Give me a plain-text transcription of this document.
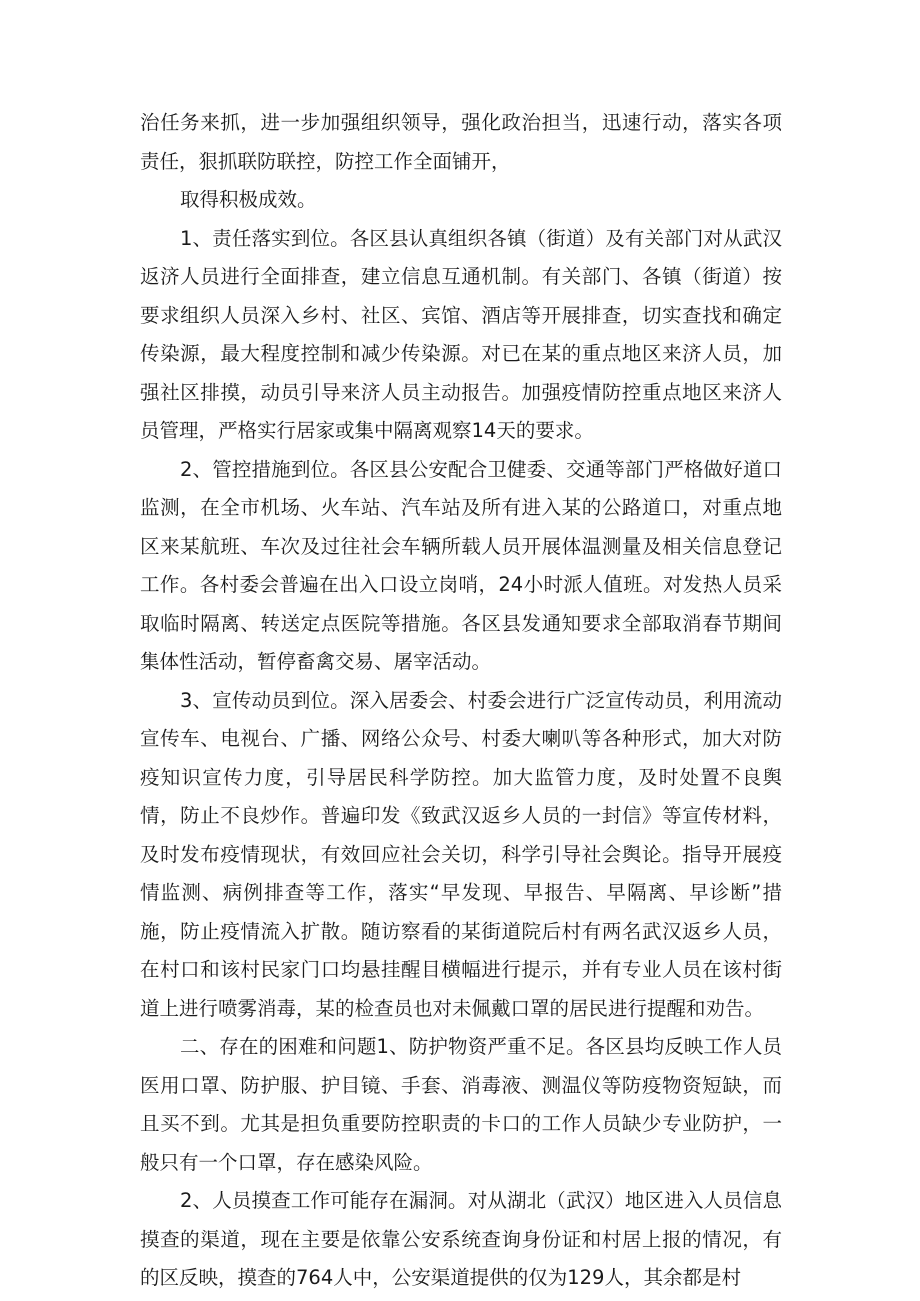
治任务来抓，进一步加强组织领导，强化政治担当，迅速行动，落实各项责任，狠抓联防联控，防控工作全面铺开，

取得积极成效。

1、责任落实到位。各区县认真组织各镇（街道）及有关部门对从武汉返济人员进行全面排查，建立信息互通机制。有关部门、各镇（街道）按要求组织人员深入乡村、社区、宾馆、酒店等开展排查，切实查找和确定传染源，最大程度控制和减少传染源。对已在某的重点地区来济人员，加强社区排摸，动员引导来济人员主动报告。加强疫情防控重点地区来济人员管理，严格实行居家或集中隔离观察14天的要求。

2、管控措施到位。各区县公安配合卫健委、交通等部门严格做好道口监测，在全市机场、火车站、汽车站及所有进入某的公路道口，对重点地区来某航班、车次及过往社会车辆所载人员开展体温测量及相关信息登记工作。各村委会普遍在出入口设立岗哨，24小时派人值班。对发热人员采取临时隔离、转送定点医院等措施。各区县发通知要求全部取消春节期间集体性活动，暂停畜禽交易、屠宰活动。

3、宣传动员到位。深入居委会、村委会进行广泛宣传动员，利用流动宣传车、电视台、广播、网络公众号、村委大喇叭等各种形式，加大对防疫知识宣传力度，引导居民科学防控。加大监管力度，及时处置不良舆情，防止不良炒作。普遍印发《致武汉返乡人员的一封信》等宣传材料，及时发布疫情现状，有效回应社会关切，科学引导社会舆论。指导开展疫情监测、病例排查等工作，落实“早发现、早报告、早隔离、早诊断”措施，防止疫情流入扩散。随访察看的某街道院后村有两名武汉返乡人员，在村口和该村民家门口均悬挂醒目横幅进行提示，并有专业人员在该村街道上进行喷雾消毒，某的检查员也对未佩戴口罩的居民进行提醒和劝告。

二、存在的困难和问题1、防护物资严重不足。各区县均反映工作人员医用口罩、防护服、护目镜、手套、消毒液、测温仪等防疫物资短缺，而且买不到。尤其是担负重要防控职责的卡口的工作人员缺少专业防护，一般只有一个口罩，存在感染风险。

2、人员摸查工作可能存在漏洞。对从湖北（武汉）地区进入人员信息摸查的渠道，现在主要是依靠公安系统查询身份证和村居上报的情况，有的区反映，摸查的764人中，公安渠道提供的仅为129人，其余都是村
